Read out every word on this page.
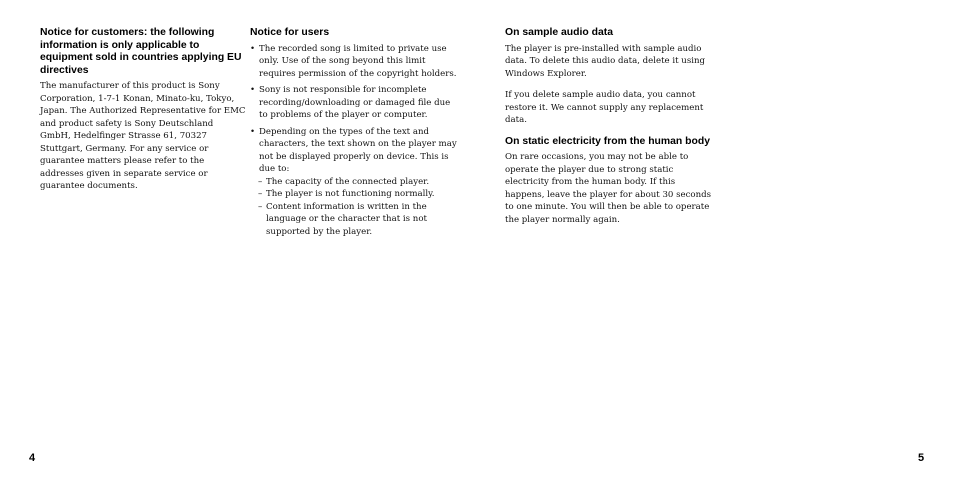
Notice for customers: the following information is only applicable to equipment sold in countries applying EU directives

The manufacturer of this product is Sony Corporation, 1-7-1 Konan, Minato-ku, Tokyo, Japan. The Authorized Representative for EMC and product safety is Sony Deutschland GmbH, Hedelfinger Strasse 61, 70327 Stuttgart, Germany. For any service or guarantee matters please refer to the addresses given in separate service or guarantee documents.

Notice for users
• The recorded song is limited to private use only. Use of the song beyond this limit requires permission of the copyright holders.
• Sony is not responsible for incomplete recording/downloading or damaged file due to problems of the player or computer.
• Depending on the types of the text and characters, the text shown on the player may not be displayed properly on device. This is due to:
– The capacity of the connected player.
– The player is not functioning normally.
– Content information is written in the language or the character that is not supported by the player.
On sample audio data

The player is pre-installed with sample audio data. To delete this audio data, delete it using Windows Explorer.

If you delete sample audio data, you cannot restore it. We cannot supply any replacement data.

On static electricity from the human body

On rare occasions, you may not be able to operate the player due to strong static electricity from the human body. If this happens, leave the player for about 30 seconds to one minute. You will then be able to operate the player normally again.

4	5
